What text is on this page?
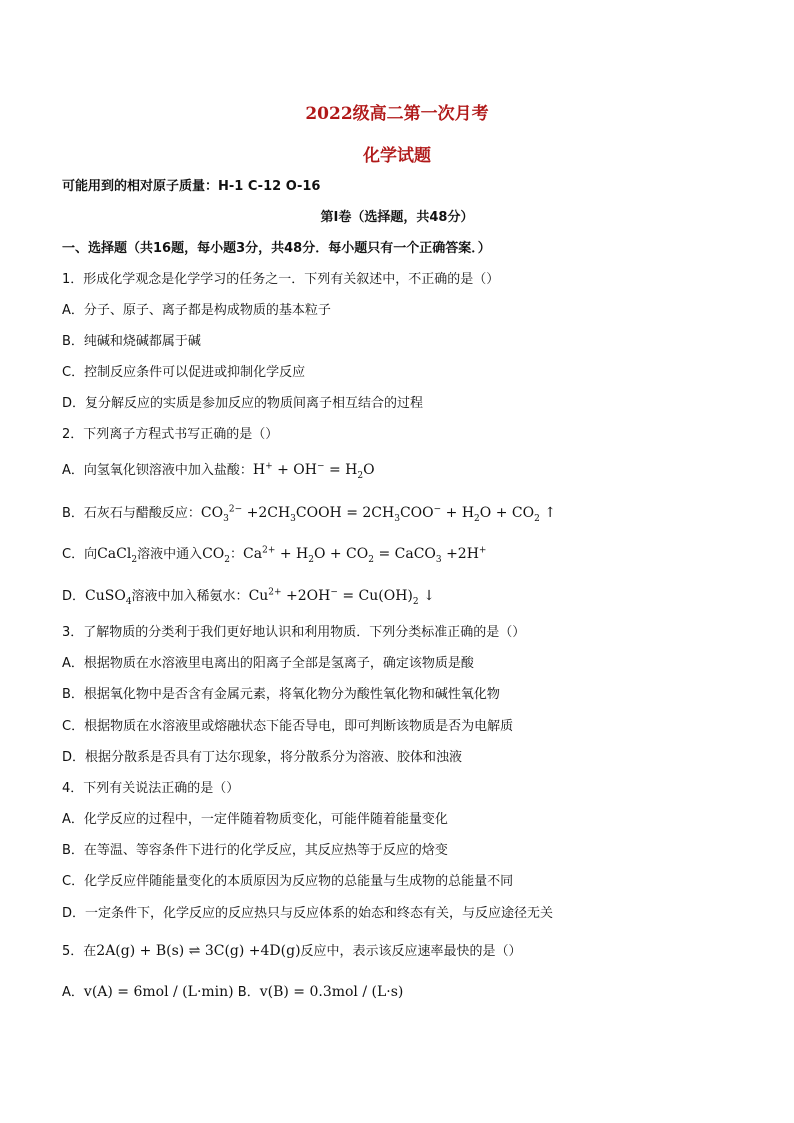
2022级高二第一次月考
化学试题
可能用到的相对原子质量：H-1 C-12 O-16
第I卷（选择题，共48分）
一、选择题（共16题，每小题3分，共48分．每小题只有一个正确答案．）
1．形成化学观念是化学学习的任务之一．下列有关叙述中，不正确的是（）
A．分子、原子、离子都是构成物质的基本粒子
B．纯碱和烧碱都属于碱
C．控制反应条件可以促进或抑制化学反应
D．复分解反应的实质是参加反应的物质间离子相互结合的过程
2．下列离子方程式书写正确的是（）
A．向氢氧化钡溶液中加入盐酸：$H^+ + OH^- = H_2O$
B．石灰石与醋酸反应：$CO_3^{2-}$ $+2CH_3COOH = 2CH_3COO^- + H_2O + CO_2$ ↑
C．向CaCl$_2$溶液中通入$CO_2$：$Ca^{2+} + H_2O + CO_2$ = CaCO$_3$ +2H+
D．CuSO$_4$溶液中加入稀氨水：$Cu^{2+} +2OH^- = Cu(OH)_2$ ↓
3．了解物质的分类利于我们更好地认识和利用物质．下列分类标准正确的是（）
A．根据物质在水溶液里电离出的阳离子全部是氢离子，确定该物质是酸
B．根据氧化物中是否含有金属元素，将氧化物分为酸性氧化物和碱性氧化物
C．根据物质在水溶液里或熔融状态下能否导电，即可判断该物质是否为电解质
D．根据分散系是否具有丁达尔现象，将分散系分为溶液、胶体和浊液
4．下列有关说法正确的是（）
A．化学反应的过程中，一定伴随着物质变化，可能伴随着能量变化
B．在等温、等容条件下进行的化学反应，其反应热等于反应的焓变
C．化学反应伴随能量变化的本质原因为反应物的总能量与生成物的总能量不同
D．一定条件下，化学反应的反应热只与反应体系的始态和终态有关，与反应途径无关
5．在2A(g) + B(s) ⇌ 3C(g) +4D(g)反应中，表示该反应速率最快的是（）
A．v(A) = 6mol / (L·min) B．v(B) = 0.3mol / (L·s)
